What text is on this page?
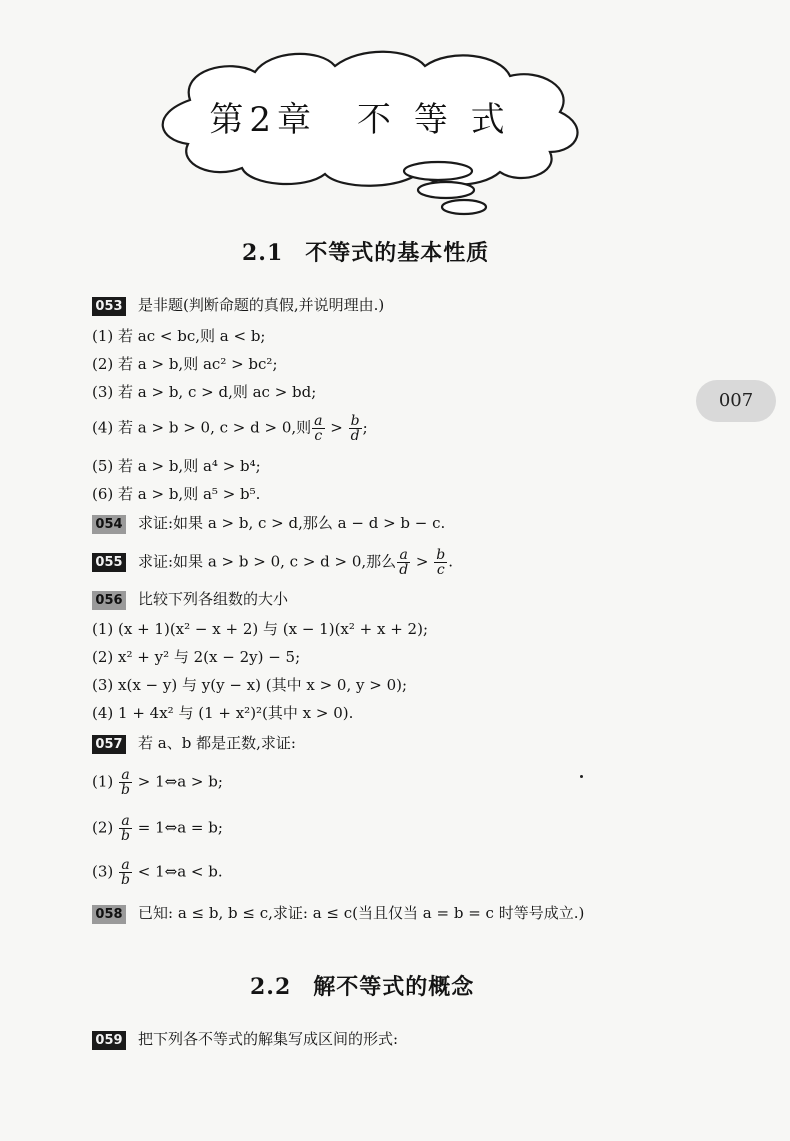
第2章　不 等 式
007
2.1 不等式的基本性质
053 是非题(判断命题的真假,并说明理由.)
(1) 若 ac < bc,则 a < b;
(2) 若 a > b,则 ac² > bc²;
(3) 若 a > b, c > d,则 ac > bd;
(4) 若 a > b > 0, c > d > 0,则 $\frac{a}{c} > \frac{b}{d}$ ;
(5) 若 a > b,则 a⁴ > b⁴;
(6) 若 a > b,则 a⁵ > b⁵.
054 求证:如果 a > b, c > d,那么 a − d > b − c.
055 求证:如果 a > b > 0, c > d > 0,那么 $\frac{a}{d} > \frac{b}{c}$ .
056 比较下列各组数的大小
(1) (x + 1)(x² − x + 2) 与 (x − 1)(x² + x + 2);
(2) x² + y² 与 2(x − 2y) − 5;
(3) x(x − y) 与 y(y − x) (其中 x > 0, y > 0);
(4) 1 + 4x² 与 (1 + x²)²(其中 x > 0).
057 若 a、b 都是正数,求证:
$(1) \frac{a}{b}$ > 1⇔a > b;
$(2) \frac{a}{b}$ = 1⇔a = b;
$(3) \frac{a}{b}$ < 1⇔a < b.
058 已知: a ≤ b, b ≤ c,求证: a ≤ c(当且仅当 a = b = c 时等号成立.)
2.2 解不等式的概念
059 把下列各不等式的解集写成区间的形式:
